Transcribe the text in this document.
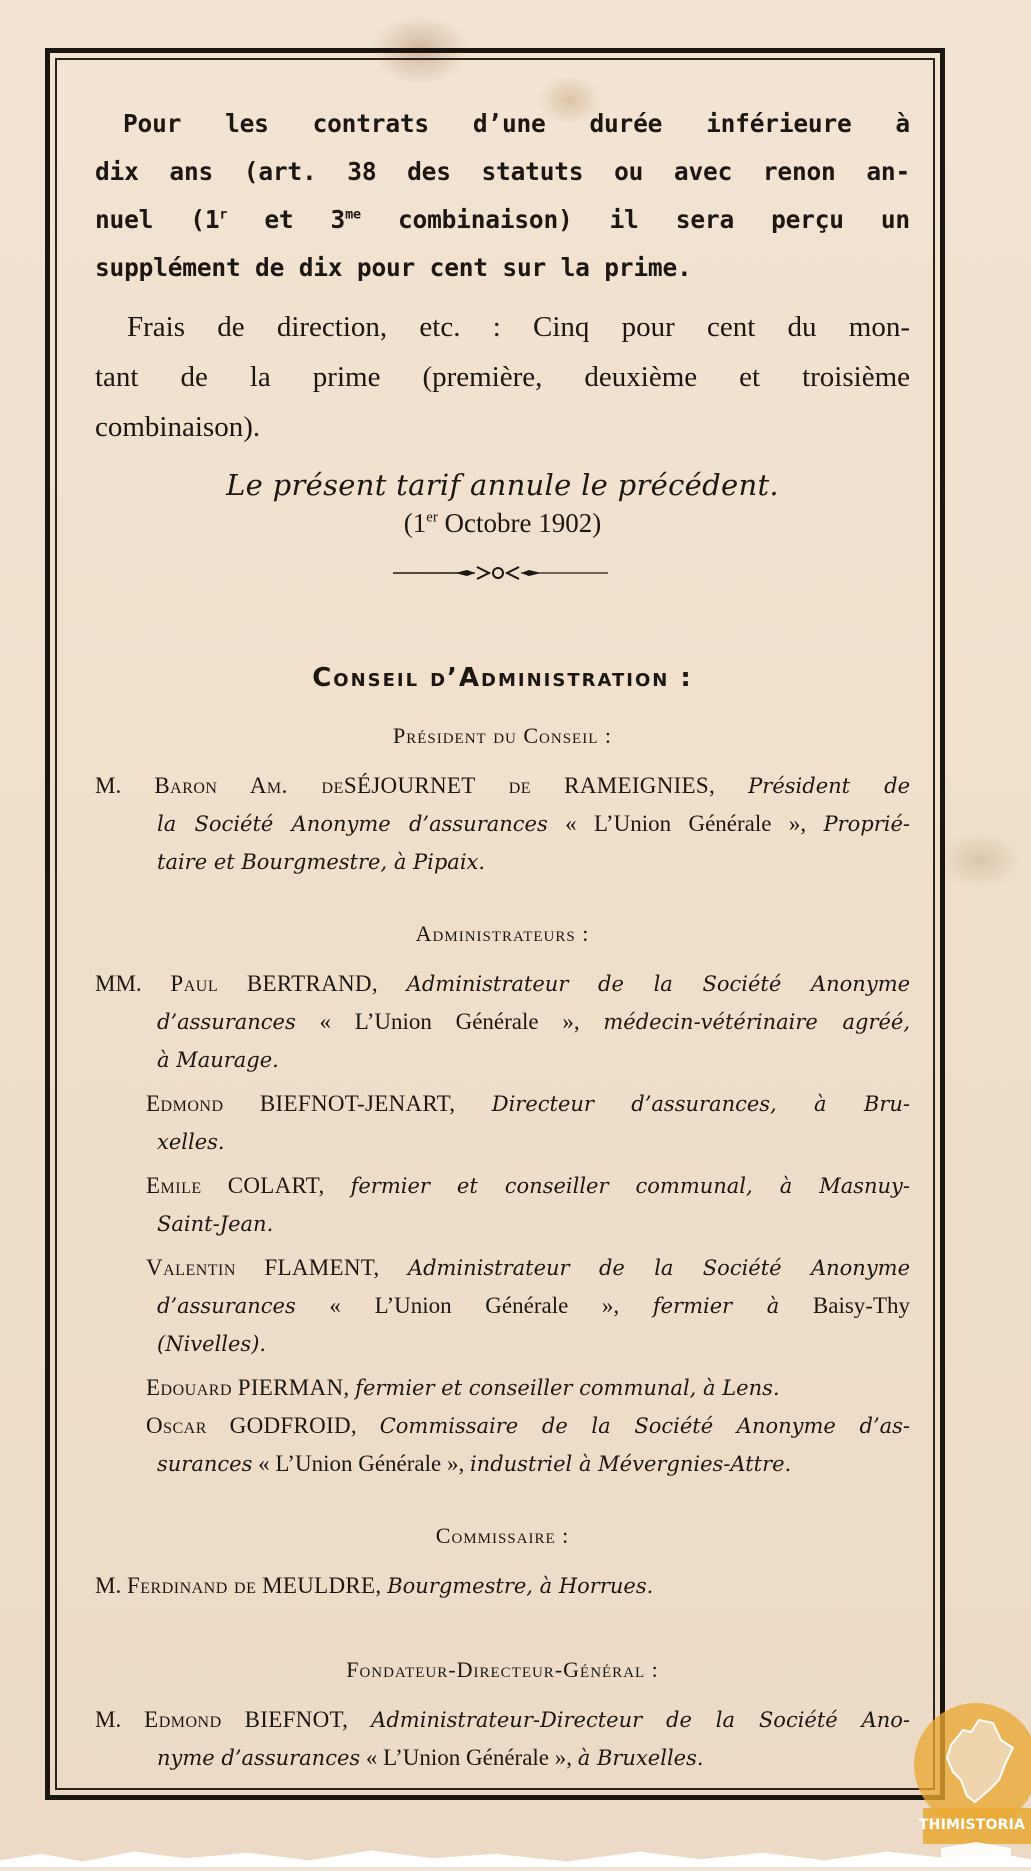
Pour les contrats d’une durée inférieure à
dix ans (art. 38 des statuts ou avec renon an-
nuel (1$^r$ et $3^{me}$ combinaison) il sera perçu un
supplément de dix pour cent sur la prime.

Frais de direction, etc. : Cinq pour cent du mon-
tant de la prime (première, deuxième et troisième
combinaison).

Le présent tarif annule le précédent.
(1er Octobre 1902)
Conseil d’Administration :
Président du Conseil :
M. Baron Am. deSÉJOURNET de RAMEIGNIES, Président de
la Société Anonyme d’assurances « L’Union Générale », Proprié-
taire et Bourgmestre, à Pipaix.
Administrateurs :
MM. Paul BERTRAND, Administrateur de la Société Anonyme
d’assurances « L’Union Générale », médecin-vétérinaire agréé,
à Maurage.
Edmond BIEFNOT-JENART, Directeur d’assurances, à Bru-
xelles.
Emile COLART, fermier et conseiller communal, à Masnuy-
Saint-Jean.
Valentin FLAMENT, Administrateur de la Société Anonyme
d’assurances « L’Union Générale », fermier à Baisy-Thy
(Nivelles).
Edouard PIERMAN, fermier et conseiller communal, à Lens.
Oscar GODFROID, Commissaire de la Société Anonyme d’as-
surances « L’Union Générale », industriel à Mévergnies-Attre.
Commissaire :
M. Ferdinand de MEULDRE, Bourgmestre, à Horrues.
Fondateur-Directeur-Général :
M. Edmond BIEFNOT, Administrateur-Directeur de la Société Ano-
nyme d’assurances « L’Union Générale », à Bruxelles.
THIMISTORIA
